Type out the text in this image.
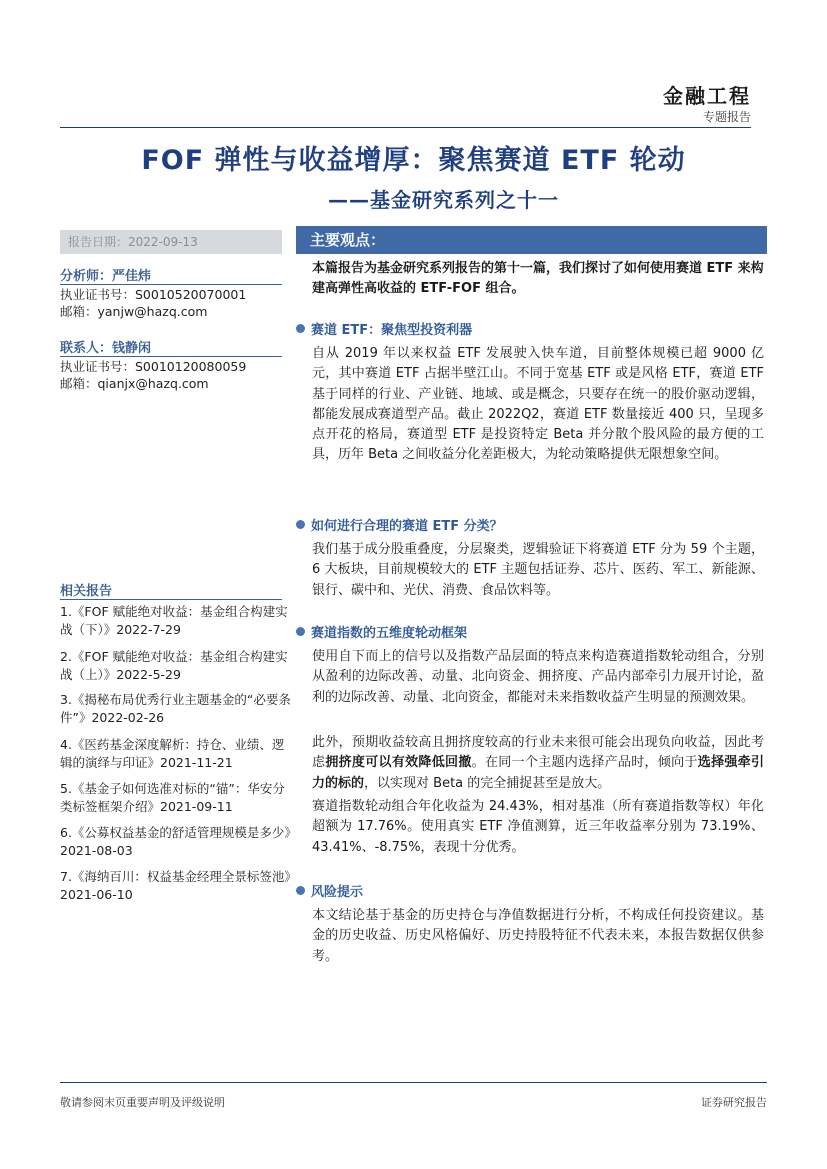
金融工程
专题报告
FOF 弹性与收益增厚：聚焦赛道 ETF 轮动
——基金研究系列之十一
报告日期：2022-09-13
分析师：严佳炜
执业证书号：S0010520070001
邮箱：yanjw@hazq.com
联系人：钱静闲
执业证书号：S0010120080059
邮箱：qianjx@hazq.com
相关报告
1.《FOF 赋能绝对收益：基金组合构建实战（下）》2022-7-29
2.《FOF 赋能绝对收益：基金组合构建实战（上）》2022-5-29
3.《揭秘布局优秀行业主题基金的“必要条件”》2022-02-26
4.《医药基金深度解析：持仓、业绩、逻辑的演绎与印证》2021-11-21
5.《基金子如何选准对标的“锚”：华安分类标签框架介绍》2021-09-11
6.《公募权益基金的舒适管理规模是多少》2021-08-03
7.《海纳百川：权益基金经理全景标签池》2021-06-10
主要观点：
本篇报告为基金研究系列报告的第十一篇，我们探讨了如何使用赛道 ETF 来构建高弹性高收益的 ETF-FOF 组合。
赛道 ETF：聚焦型投资利器
自从 2019 年以来权益 ETF 发展驶入快车道，目前整体规模已超 9000 亿元，其中赛道 ETF 占据半壁江山。不同于宽基 ETF 或是风格 ETF，赛道 ETF 基于同样的行业、产业链、地域、或是概念，只要存在统一的股价驱动逻辑，都能发展成赛道型产品。截止 2022Q2，赛道 ETF 数量接近 400 只，呈现多点开花的格局，赛道型 ETF 是投资特定 Beta 并分散个股风险的最方便的工具，历年 Beta 之间收益分化差距极大，为轮动策略提供无限想象空间。
如何进行合理的赛道 ETF 分类？
我们基于成分股重叠度，分层聚类，逻辑验证下将赛道 ETF 分为 59 个主题，6 大板块，目前规模较大的 ETF 主题包括证券、芯片、医药、军工、新能源、银行、碳中和、光伏、消费、食品饮料等。
赛道指数的五维度轮动框架
使用自下而上的信号以及指数产品层面的特点来构造赛道指数轮动组合，分别从盈利的边际改善、动量、北向资金、拥挤度、产品内部牵引力展开讨论，盈利的边际改善、动量、北向资金，都能对未来指数收益产生明显的预测效果。
此外，预期收益较高且拥挤度较高的行业未来很可能会出现负向收益，因此考虑拥挤度可以有效降低回撤。在同一个主题内选择产品时，倾向于选择强牵引力的标的，以实现对 Beta 的完全捕捉甚至是放大。
赛道指数轮动组合年化收益为 24.43%，相对基准（所有赛道指数等权）年化超额为 17.76%。使用真实 ETF 净值测算，近三年收益率分别为 73.19%、43.41%、-8.75%，表现十分优秀。
风险提示
本文结论基于基金的历史持仓与净值数据进行分析，不构成任何投资建议。基金的历史收益、历史风格偏好、历史持股特征不代表未来，本报告数据仅供参考。
敬请参阅末页重要声明及评级说明	证券研究报告
